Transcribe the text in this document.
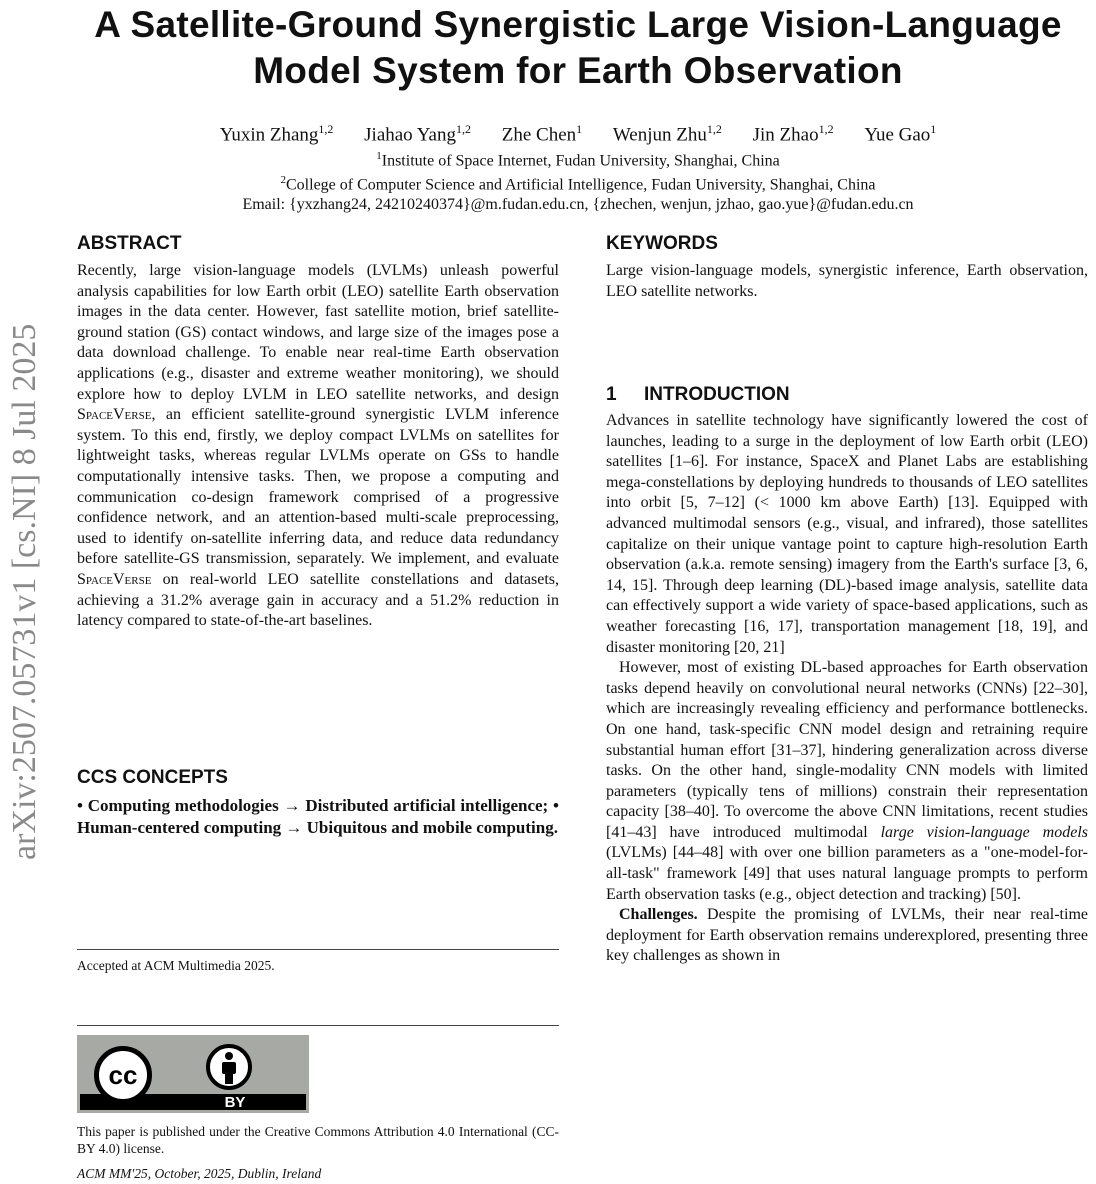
A Satellite-Ground Synergistic Large Vision-Language
Model System for Earth Observation
Yuxin Zhang$^{1,2}$ Jiahao Yang$^{1,2}$ Zhe Chen$^1$ Wenjun Zhu$^{1,2}$ Jin Zhao$^{1,2}$ Yue Gao$^1$
$^1$Institute of Space Internet, Fudan University, Shanghai, China
$^2$College of Computer Science and Artificial Intelligence, Fudan University, Shanghai, China
Email: {yxzhang24, 24210240374}@m.fudan.edu.cn, {zhechen, wenjun, jzhao, gao.yue}@fudan.edu.cn
arXiv:2507.05731v1 [cs.NI] 8 Jul 2025
ABSTRACT
Recently, large vision-language models (LVLMs) unleash powerful analysis capabilities for low Earth orbit (LEO) satellite Earth observation images in the data center. However, fast satellite motion, brief satellite-ground station (GS) contact windows, and large size of the images pose a data download challenge. To enable near real-time Earth observation applications (e.g., disaster and extreme weather monitoring), we should explore how to deploy LVLM in LEO satellite networks, and design SpaceVerse, an efficient satellite-ground synergistic LVLM inference system. To this end, firstly, we deploy compact LVLMs on satellites for lightweight tasks, whereas regular LVLMs operate on GSs to handle computationally intensive tasks. Then, we propose a computing and communication co-design framework comprised of a progressive confidence network, and an attention-based multi-scale preprocessing, used to identify on-satellite inferring data, and reduce data redundancy before satellite-GS transmission, separately. We implement, and evaluate SpaceVerse on real-world LEO satellite constellations and datasets, achieving a 31.2% average gain in accuracy and a 51.2% reduction in latency compared to state-of-the-art baselines.
CCS CONCEPTS
• Computing methodologies → Distributed artificial intelligence; • Human-centered computing → Ubiquitous and mobile computing.
Accepted at ACM Multimedia 2025.
cc
BY
This paper is published under the Creative Commons Attribution 4.0 International (CC-BY 4.0) license.
ACM MM'25, October, 2025, Dublin, Ireland
KEYWORDS
Large vision-language models, synergistic inference, Earth observation, LEO satellite networks.
1 INTRODUCTION

Advances in satellite technology have significantly lowered the cost of launches, leading to a surge in the deployment of low Earth orbit (LEO) satellites [1–6]. For instance, SpaceX and Planet Labs are establishing mega-constellations by deploying hundreds to thousands of LEO satellites into orbit [5, 7–12] (< 1000 km above Earth) [13]. Equipped with advanced multimodal sensors (e.g., visual, and infrared), those satellites capitalize on their unique vantage point to capture high-resolution Earth observation (a.k.a. remote sensing) imagery from the Earth's surface [3, 6, 14, 15]. Through deep learning (DL)-based image analysis, satellite data can effectively support a wide variety of space-based applications, such as weather forecasting [16, 17], transportation management [18, 19], and disaster monitoring [20, 21]

However, most of existing DL-based approaches for Earth observation tasks depend heavily on convolutional neural networks (CNNs) [22–30], which are increasingly revealing efficiency and performance bottlenecks. On one hand, task-specific CNN model design and retraining require substantial human effort [31–37], hindering generalization across diverse tasks. On the other hand, single-modality CNN models with limited parameters (typically tens of millions) constrain their representation capacity [38–40]. To overcome the above CNN limitations, recent studies [41–43] have introduced multimodal large vision-language models (LVLMs) [44–48] with over one billion parameters as a "one-model-for-all-task" framework [49] that uses natural language prompts to perform Earth observation tasks (e.g., object detection and tracking) [50].

Challenges. Despite the promising of LVLMs, their near real-time deployment for Earth observation remains underexplored, presenting three key challenges as shown in
